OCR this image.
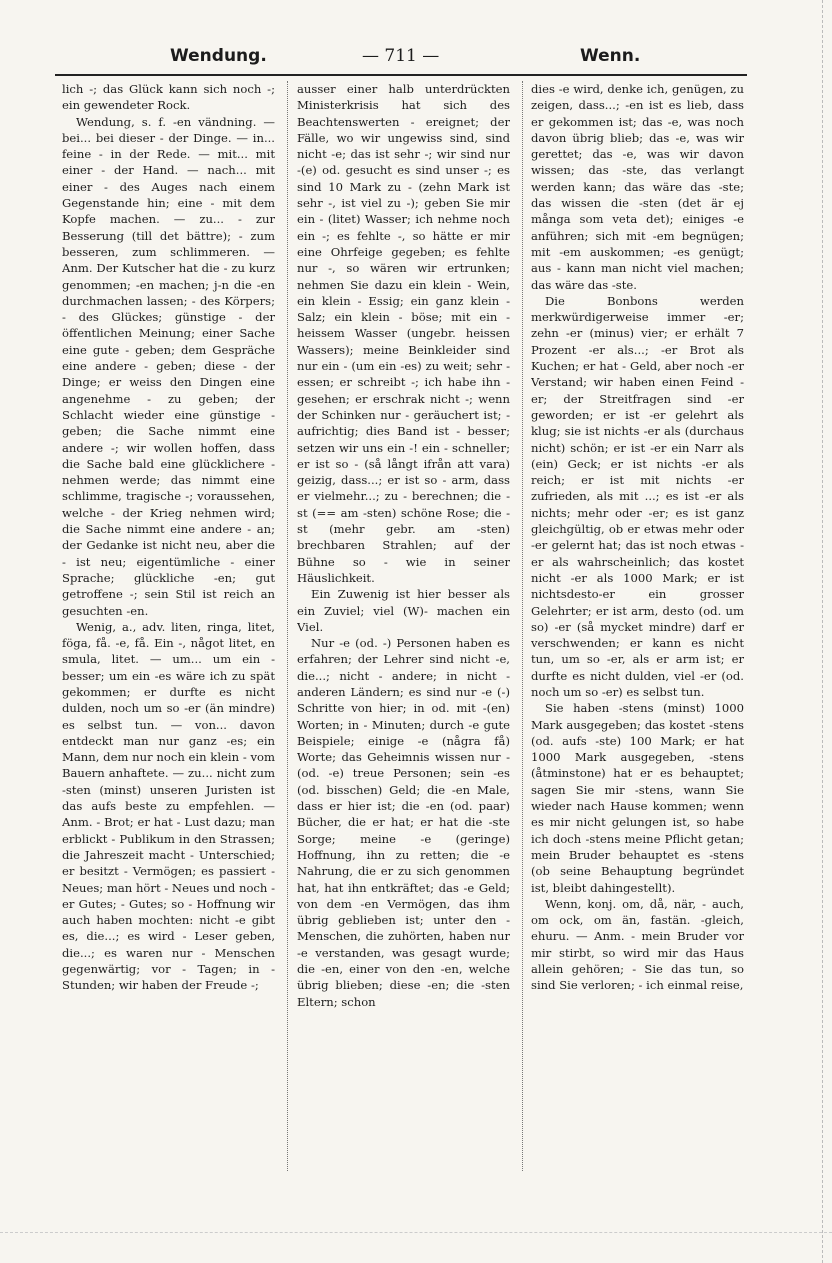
Wendung.	— 711 —	Wenn.

lich -; das Glück kann sich noch -; ein gewendeter Rock.

Wendung, s. f. -en vändning. — bei... bei dieser - der Dinge. — in... feine - in der Rede. — mit... mit einer - der Hand. — nach... mit einer - des Auges nach einem Gegenstande hin; eine - mit dem Kopfe machen. — zu... - zur Besserung (till det bättre); - zum besseren, zum schlimmeren. — Anm. Der Kutscher hat die - zu kurz genommen; -en machen; j-n die -en durchmachen lassen; - des Körpers; - des Glückes; günstige - der öffentlichen Meinung; einer Sache eine gute - geben; dem Gespräche eine andere - geben; diese - der Dinge; er weiss den Dingen eine angenehme - zu geben; der Schlacht wieder eine günstige - geben; die Sache nimmt eine andere -; wir wollen hoffen, dass die Sache bald eine glücklichere - nehmen werde; das nimmt eine schlimme, tragische -; voraussehen, welche - der Krieg nehmen wird; die Sache nimmt eine andere - an; der Gedanke ist nicht neu, aber die - ist neu; eigentümliche - einer Sprache; glückliche -en; gut getroffene -; sein Stil ist reich an gesuchten -en.

Wenig, a., adv. liten, ringa, litet, föga, få. -e, få. Ein -, något litet, en smula, litet. — um... um ein - besser; um ein -es wäre ich zu spät gekommen; er durfte es nicht dulden, noch um so -er (än mindre) es selbst tun. — von... davon entdeckt man nur ganz -es; ein Mann, dem nur noch ein klein - vom Bauern anhaftete. — zu... nicht zum -sten (minst) unseren Juristen ist das aufs beste zu empfehlen. — Anm. - Brot; er hat - Lust dazu; man erblickt - Publikum in den Strassen; die Jahreszeit macht - Unterschied; er besitzt - Vermögen; es passiert - Neues; man hört - Neues und noch -er Gutes; - Gutes; so - Hoffnung wir auch haben mochten: nicht -e gibt es, die...; es wird - Leser geben, die...; es waren nur - Menschen gegenwärtig; vor - Tagen; in - Stunden; wir haben der Freude -;

ausser einer halb unterdrückten Ministerkrisis hat sich des Beachtenswerten - ereignet; der Fälle, wo wir ungewiss sind, sind nicht -e; das ist sehr -; wir sind nur -(e) od. gesucht es sind unser -; es sind 10 Mark zu - (zehn Mark ist sehr -, ist viel zu -); geben Sie mir ein - (litet) Wasser; ich nehme noch ein -; es fehlte -, so hätte er mir eine Ohrfeige gegeben; es fehlte nur -, so wären wir ertrunken; nehmen Sie dazu ein klein - Wein, ein klein - Essig; ein ganz klein - Salz; ein klein - böse; mit ein - heissem Wasser (ungebr. heissen Wassers); meine Beinkleider sind nur ein - (um ein -es) zu weit; sehr - essen; er schreibt -; ich habe ihn - gesehen; er erschrak nicht -; wenn der Schinken nur - geräuchert ist; - aufrichtig; dies Band ist - besser; setzen wir uns ein -! ein - schneller; er ist so - (så långt ifrån att vara) geizig, dass...; er ist so - arm, dass er vielmehr...; zu - berechnen; die -st (== am -sten) schöne Rose; die -st (mehr gebr. am -sten) brechbaren Strahlen; auf der Bühne so - wie in seiner Häuslichkeit.

Ein Zuwenig ist hier besser als ein Zuviel; viel (W)- machen ein Viel.

Nur -e (od. -) Personen haben es erfahren; der Lehrer sind nicht -e, die...; nicht - andere; in nicht - anderen Ländern; es sind nur -e (-) Schritte von hier; in od. mit -(en) Worten; in - Minuten; durch -e gute Beispiele; einige -e (några få) Worte; das Geheimnis wissen nur - (od. -e) treue Personen; sein -es (od. bisschen) Geld; die -en Male, dass er hier ist; die -en (od. paar) Bücher, die er hat; er hat die -ste Sorge; meine -e (geringe) Hoffnung, ihn zu retten; die -e Nahrung, die er zu sich genommen hat, hat ihn entkräftet; das -e Geld; von dem -en Vermögen, das ihm übrig geblieben ist; unter den - Menschen, die zuhörten, haben nur -e verstanden, was gesagt wurde; die -en, einer von den -en, welche übrig blieben; diese -en; die -sten Eltern; schon

dies -e wird, denke ich, genügen, zu zeigen, dass...; -en ist es lieb, dass er gekommen ist; das -e, was noch davon übrig blieb; das -e, was wir gerettet; das -e, was wir davon wissen; das -ste, das verlangt werden kann; das wäre das -ste; das wissen die -sten (det är ej många som veta det); einiges -e anführen; sich mit -em begnügen; mit -em auskommen; -es genügt; aus - kann man nicht viel machen; das wäre das -ste.

Die Bonbons werden merkwürdigerweise immer -er; zehn -er (minus) vier; er erhält 7 Prozent -er als...; -er Brot als Kuchen; er hat - Geld, aber noch -er Verstand; wir haben einen Feind -er; der Streitfragen sind -er geworden; er ist -er gelehrt als klug; sie ist nichts -er als (durchaus nicht) schön; er ist -er ein Narr als (ein) Geck; er ist nichts -er als reich; er ist mit nichts -er zufrieden, als mit ...; es ist -er als nichts; mehr oder -er; es ist ganz gleichgültig, ob er etwas mehr oder -er gelernt hat; das ist noch etwas -er als wahrscheinlich; das kostet nicht -er als 1000 Mark; er ist nichtsdesto-er ein grosser Gelehrter; er ist arm, desto (od. um so) -er (så mycket mindre) darf er verschwenden; er kann es nicht tun, um so -er, als er arm ist; er durfte es nicht dulden, viel -er (od. noch um so -er) es selbst tun.

Sie haben -stens (minst) 1000 Mark ausgegeben; das kostet -stens (od. aufs -ste) 100 Mark; er hat 1000 Mark ausgegeben, -stens (åtminstone) hat er es behauptet; sagen Sie mir -stens, wann Sie wieder nach Hause kommen; wenn es mir nicht gelungen ist, so habe ich doch -stens meine Pflicht getan; mein Bruder behauptet es -stens (ob seine Behauptung begründet ist, bleibt dahingestellt).

Wenn, konj. om, då, när, - auch, om ock, om än, fastän. -gleich, ehuru. — Anm. - mein Bruder vor mir stirbt, so wird mir das Haus allein gehören; - Sie das tun, so sind Sie verloren; - ich einmal reise,
